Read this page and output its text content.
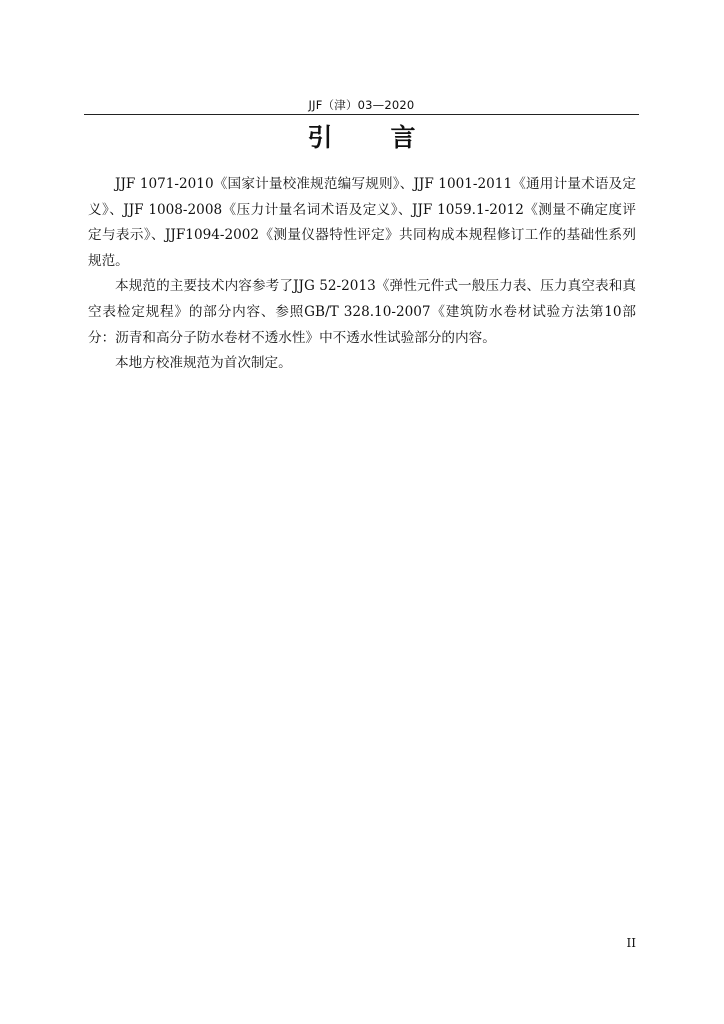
JJF（津）03—2020
引 言

JJF 1071-2010《国家计量校准规范编写规则》、JJF 1001-2011《通用计量术语及定义》、JJF 1008-2008《压力计量名词术语及定义》、JJF 1059.1-2012《测量不确定度评定与表示》、JJF1094-2002《测量仪器特性评定》共同构成本规程修订工作的基础性系列规范。

本规范的主要技术内容参考了JJG 52-2013《弹性元件式一般压力表、压力真空表和真空表检定规程》的部分内容、参照GB/T 328.10-2007《建筑防水卷材试验方法第10部分：沥青和高分子防水卷材不透水性》中不透水性试验部分的内容。

本地方校准规范为首次制定。

II
